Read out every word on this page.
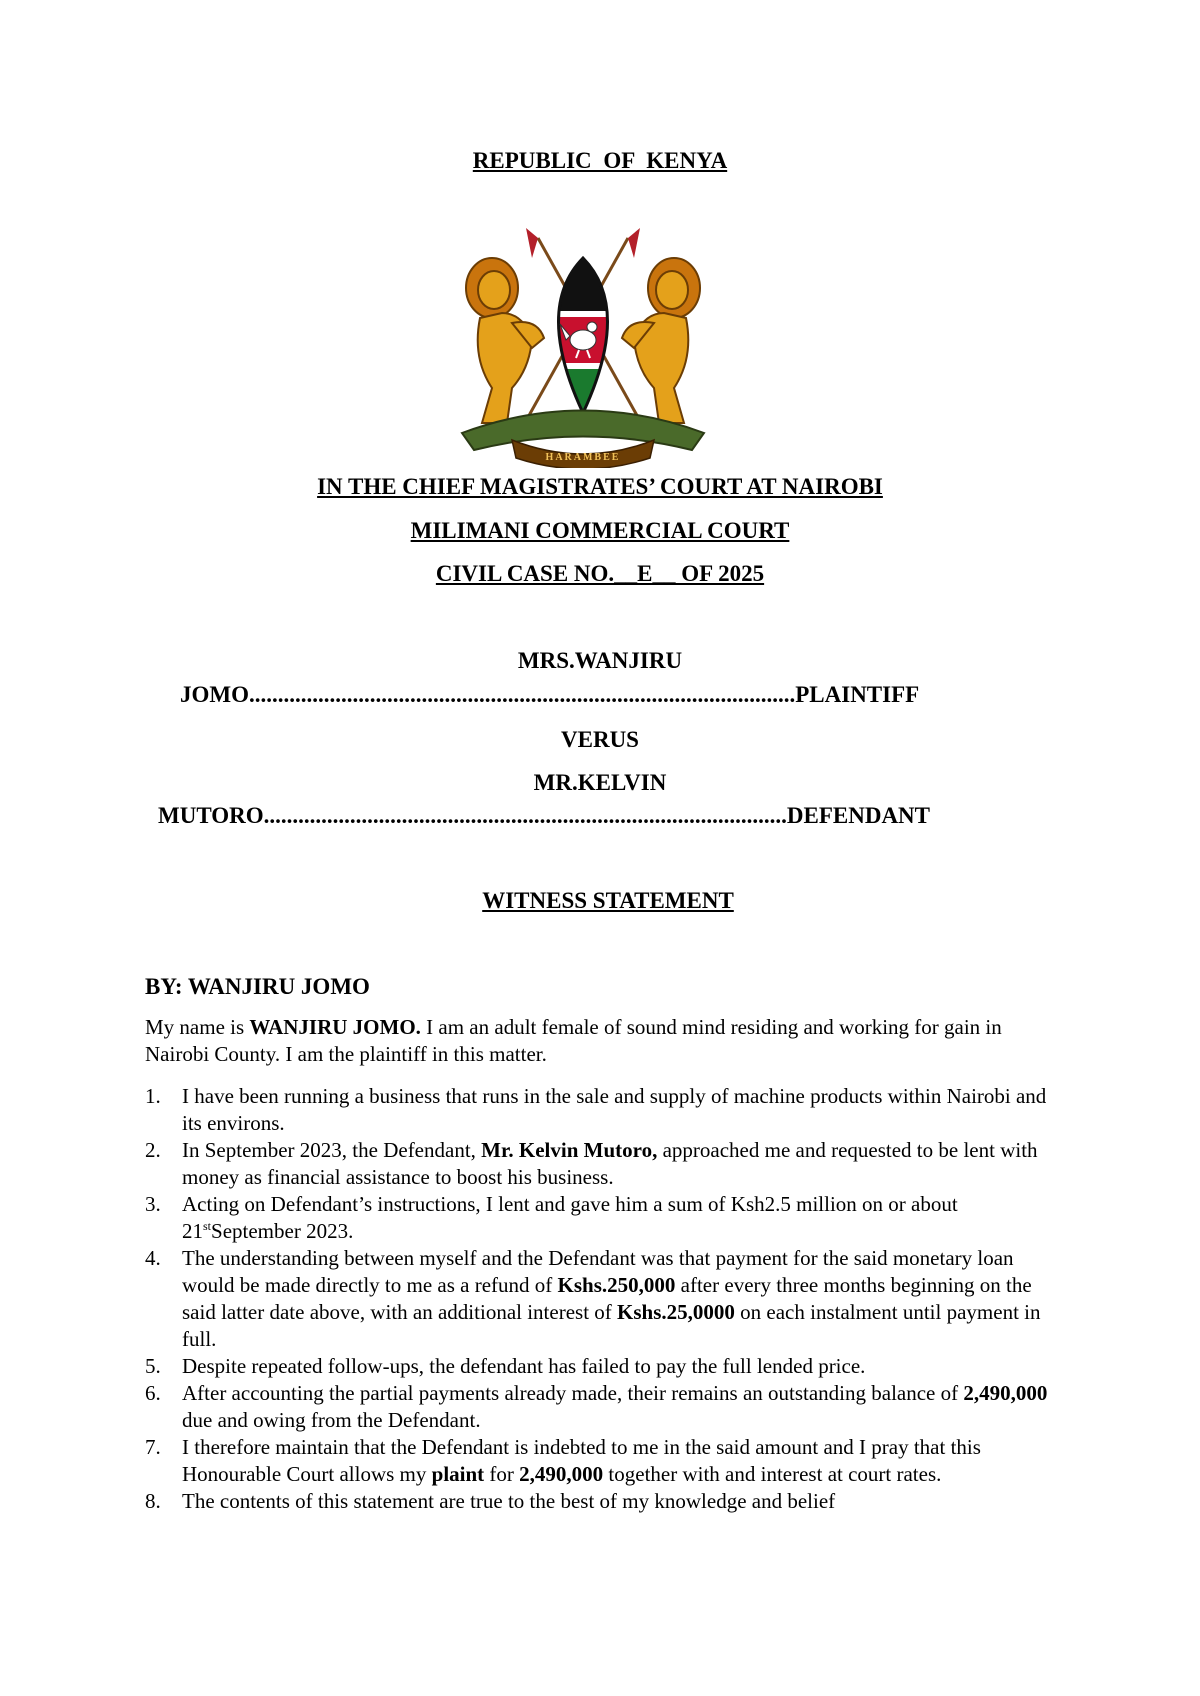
REPUBLIC OF KENYA
HARAMBEE
IN THE CHIEF MAGISTRATES’ COURT AT NAIROBI
MILIMANI COMMERCIAL COURT
CIVIL CASE NO.__E__ OF 2025
MRS.WANJIRU
JOMO...............................................................................................PLAINTIFF
VERUS
MR.KELVIN
MUTORO...........................................................................................DEFENDANT
WITNESS STATEMENT
BY: WANJIRU JOMO
My name is WANJIRU JOMO. I am an adult female of sound mind residing and working for gain in Nairobi County. I am the plaintiff in this matter.
1. I have been running a business that runs in the sale and supply of machine products within Nairobi and its environs.
2. In September 2023, the Defendant, Mr. Kelvin Mutoro, approached me and requested to be lent with money as financial assistance to boost his business.
3. Acting on Defendant’s instructions, I lent and gave him a sum of Ksh2.5 million on or about 21stSeptember 2023.
4. The understanding between myself and the Defendant was that payment for the said monetary loan would be made directly to me as a refund of Kshs.250,000 after every three months beginning on the said latter date above, with an additional interest of Kshs.25,0000 on each instalment until payment in full.
5. Despite repeated follow-ups, the defendant has failed to pay the full lended price.
6. After accounting the partial payments already made, their remains an outstanding balance of 2,490,000 due and owing from the Defendant.
7. I therefore maintain that the Defendant is indebted to me in the said amount and I pray that this Honourable Court allows my plaint for 2,490,000 together with and interest at court rates.
8. The contents of this statement are true to the best of my knowledge and belief
